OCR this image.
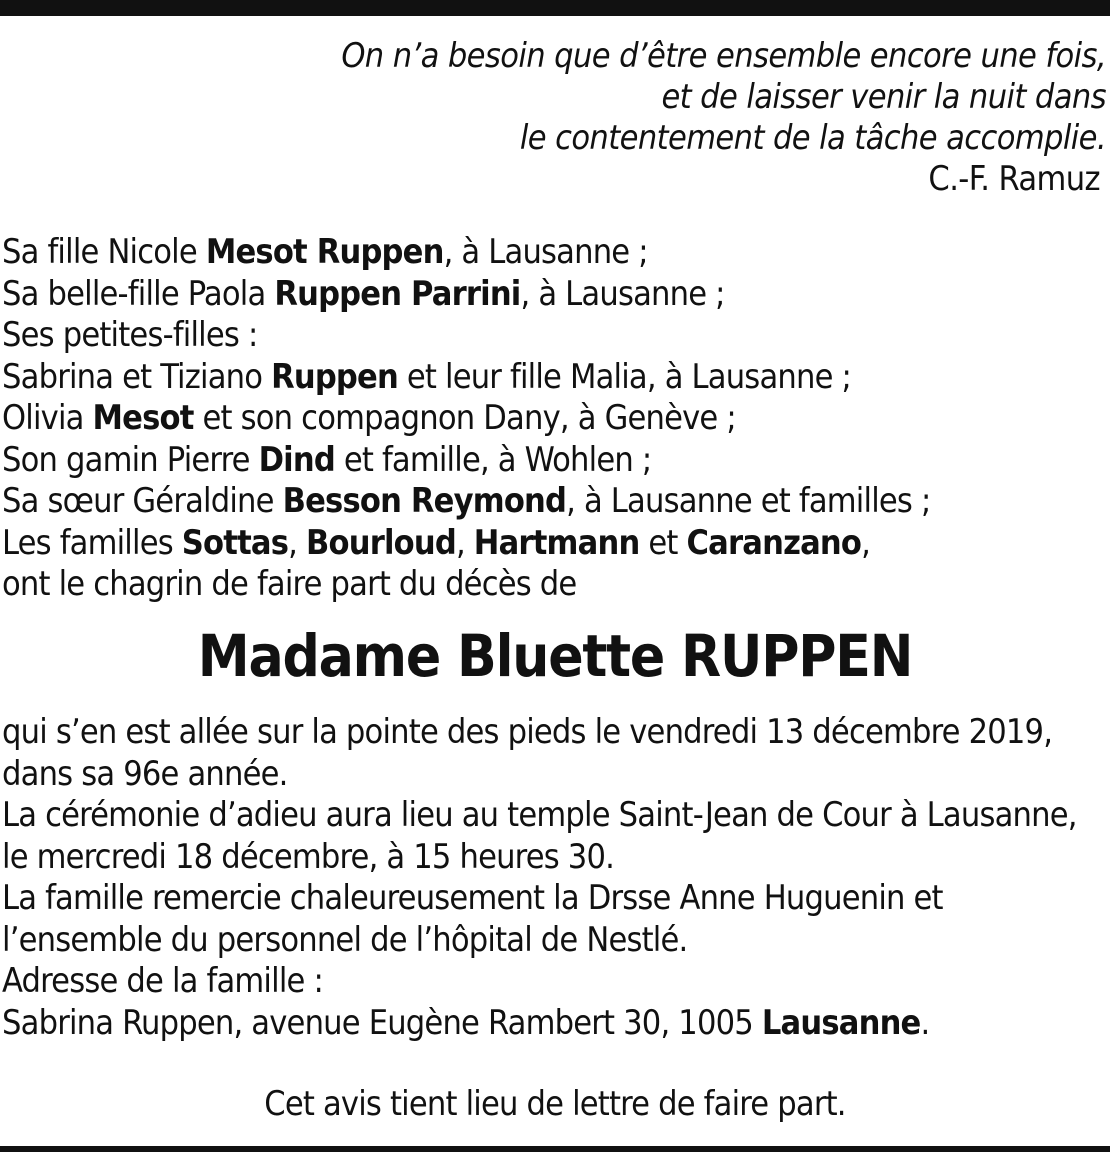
On n’a besoin que d’être ensemble encore une fois,
et de laisser venir la nuit dans
le contentement de la tâche accomplie.
C.-F. Ramuz
Sa fille Nicole Mesot Ruppen, à Lausanne ;
Sa belle-fille Paola Ruppen Parrini, à Lausanne ;
Ses petites-filles :
Sabrina et Tiziano Ruppen et leur fille Malia, à Lausanne ;
Olivia Mesot et son compagnon Dany, à Genève ;
Son gamin Pierre Dind et famille, à Wohlen ;
Sa sœur Géraldine Besson Reymond, à Lausanne et familles ;
Les familles Sottas, Bourloud, Hartmann et Caranzano,
ont le chagrin de faire part du décès de
Madame Bluette RUPPEN
qui s’en est allée sur la pointe des pieds le vendredi 13 décembre 2019,
dans sa 96e année.
La cérémonie d’adieu aura lieu au temple Saint-Jean de Cour à Lausanne,
le mercredi 18 décembre, à 15 heures 30.
La famille remercie chaleureusement la Drsse Anne Huguenin et
l’ensemble du personnel de l’hôpital de Nestlé.
Adresse de la famille :
Sabrina Ruppen, avenue Eugène Rambert 30, 1005 Lausanne.
Cet avis tient lieu de lettre de faire part.
